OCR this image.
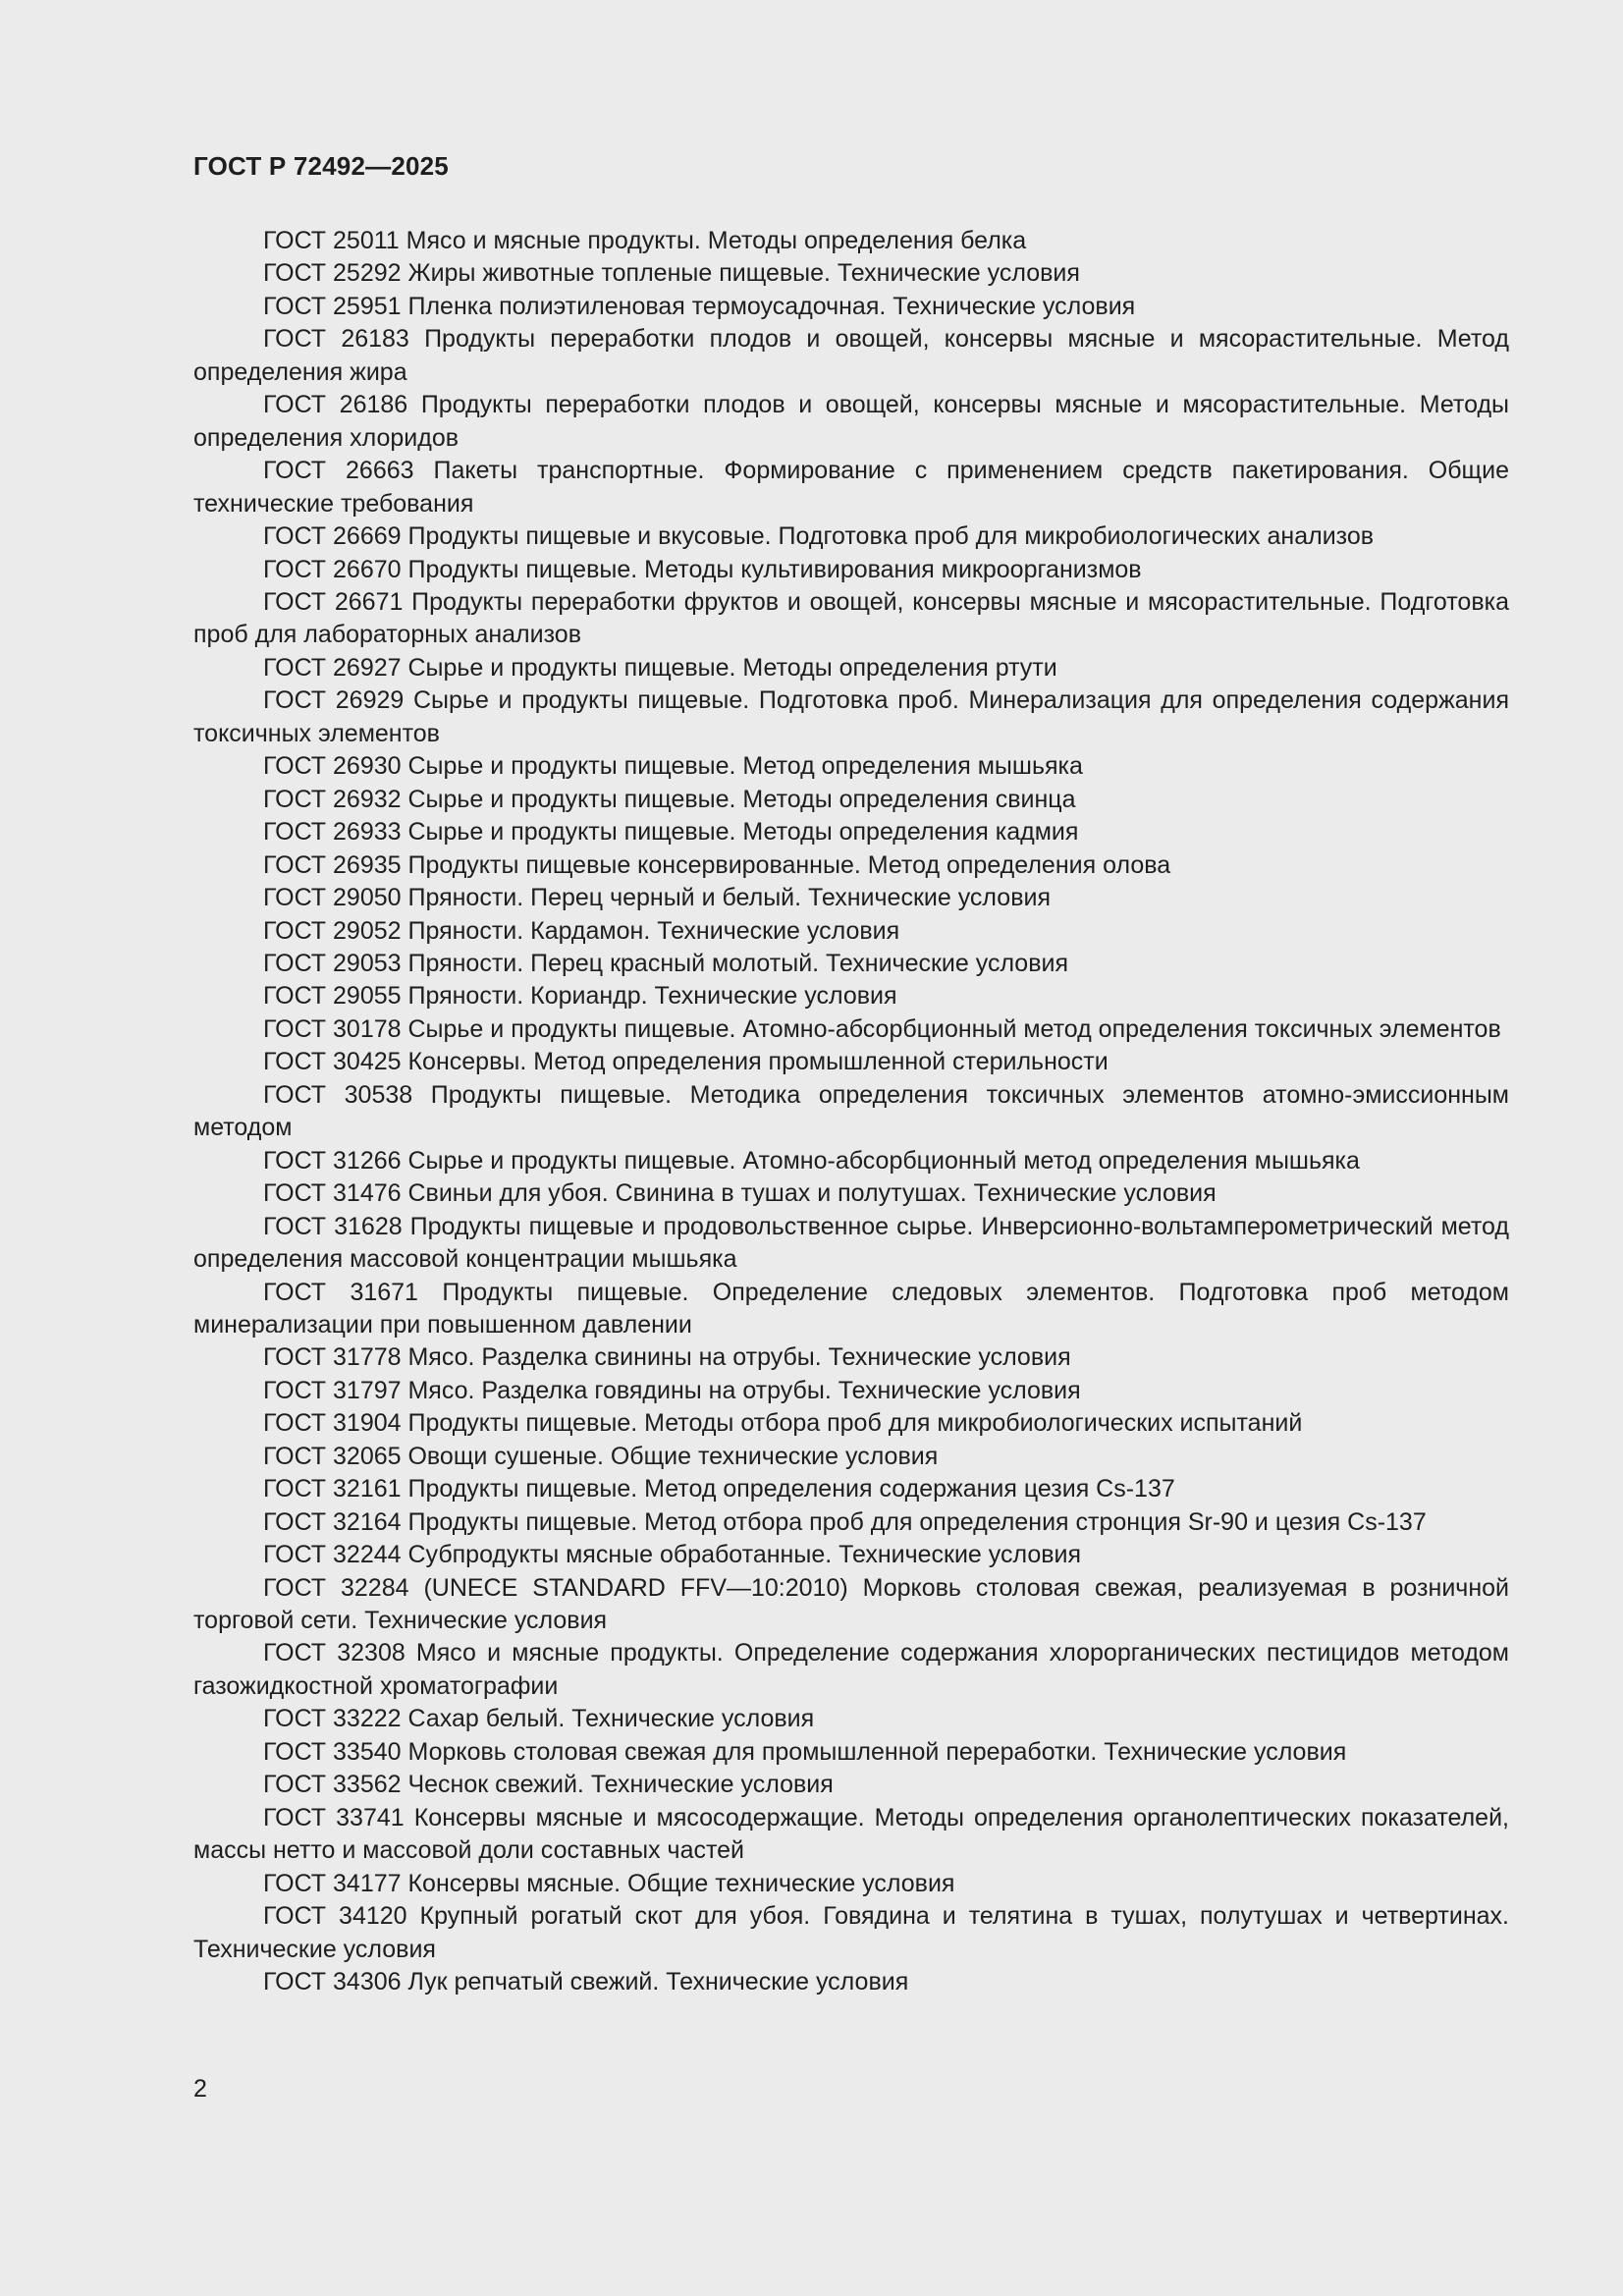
ГОСТ Р 72492—2025
ГОСТ 25011 Мясо и мясные продукты. Методы определения белка
ГОСТ 25292 Жиры животные топленые пищевые. Технические условия
ГОСТ 25951 Пленка полиэтиленовая термоусадочная. Технические условия
ГОСТ 26183 Продукты переработки плодов и овощей, консервы мясные и мясорастительные. Метод определения жира
ГОСТ 26186 Продукты переработки плодов и овощей, консервы мясные и мясорастительные. Методы определения хлоридов
ГОСТ 26663 Пакеты транспортные. Формирование с применением средств пакетирования. Общие технические требования
ГОСТ 26669 Продукты пищевые и вкусовые. Подготовка проб для микробиологических анализов
ГОСТ 26670 Продукты пищевые. Методы культивирования микроорганизмов
ГОСТ 26671 Продукты переработки фруктов и овощей, консервы мясные и мясорастительные. Подготовка проб для лабораторных анализов
ГОСТ 26927 Сырье и продукты пищевые. Методы определения ртути
ГОСТ 26929 Сырье и продукты пищевые. Подготовка проб. Минерализация для определения содержания токсичных элементов
ГОСТ 26930 Сырье и продукты пищевые. Метод определения мышьяка
ГОСТ 26932 Сырье и продукты пищевые. Методы определения свинца
ГОСТ 26933 Сырье и продукты пищевые. Методы определения кадмия
ГОСТ 26935 Продукты пищевые консервированные. Метод определения олова
ГОСТ 29050 Пряности. Перец черный и белый. Технические условия
ГОСТ 29052 Пряности. Кардамон. Технические условия
ГОСТ 29053 Пряности. Перец красный молотый. Технические условия
ГОСТ 29055 Пряности. Кориандр. Технические условия
ГОСТ 30178 Сырье и продукты пищевые. Атомно-абсорбционный метод определения токсичных элементов
ГОСТ 30425 Консервы. Метод определения промышленной стерильности
ГОСТ 30538 Продукты пищевые. Методика определения токсичных элементов атомно-эмиссионным методом
ГОСТ 31266 Сырье и продукты пищевые. Атомно-абсорбционный метод определения мышьяка
ГОСТ 31476 Свиньи для убоя. Свинина в тушах и полутушах. Технические условия
ГОСТ 31628 Продукты пищевые и продовольственное сырье. Инверсионно-вольтамперометрический метод определения массовой концентрации мышьяка
ГОСТ 31671 Продукты пищевые. Определение следовых элементов. Подготовка проб методом минерализации при повышенном давлении
ГОСТ 31778 Мясо. Разделка свинины на отрубы. Технические условия
ГОСТ 31797 Мясо. Разделка говядины на отрубы. Технические условия
ГОСТ 31904 Продукты пищевые. Методы отбора проб для микробиологических испытаний
ГОСТ 32065 Овощи сушеные. Общие технические условия
ГОСТ 32161 Продукты пищевые. Метод определения содержания цезия Cs-137
ГОСТ 32164 Продукты пищевые. Метод отбора проб для определения стронция Sr-90 и цезия Cs-137
ГОСТ 32244 Субпродукты мясные обработанные. Технические условия
ГОСТ 32284 (UNECE STANDARD FFV—10:2010) Морковь столовая свежая, реализуемая в розничной торговой сети. Технические условия
ГОСТ 32308 Мясо и мясные продукты. Определение содержания хлорорганических пестицидов методом газожидкостной хроматографии
ГОСТ 33222 Сахар белый. Технические условия
ГОСТ 33540 Морковь столовая свежая для промышленной переработки. Технические условия
ГОСТ 33562 Чеснок свежий. Технические условия
ГОСТ 33741 Консервы мясные и мясосодержащие. Методы определения органолептических показателей, массы нетто и массовой доли составных частей
ГОСТ 34177 Консервы мясные. Общие технические условия
ГОСТ 34120 Крупный рогатый скот для убоя. Говядина и телятина в тушах, полутушах и четвертинах. Технические условия
ГОСТ 34306 Лук репчатый свежий. Технические условия
2
